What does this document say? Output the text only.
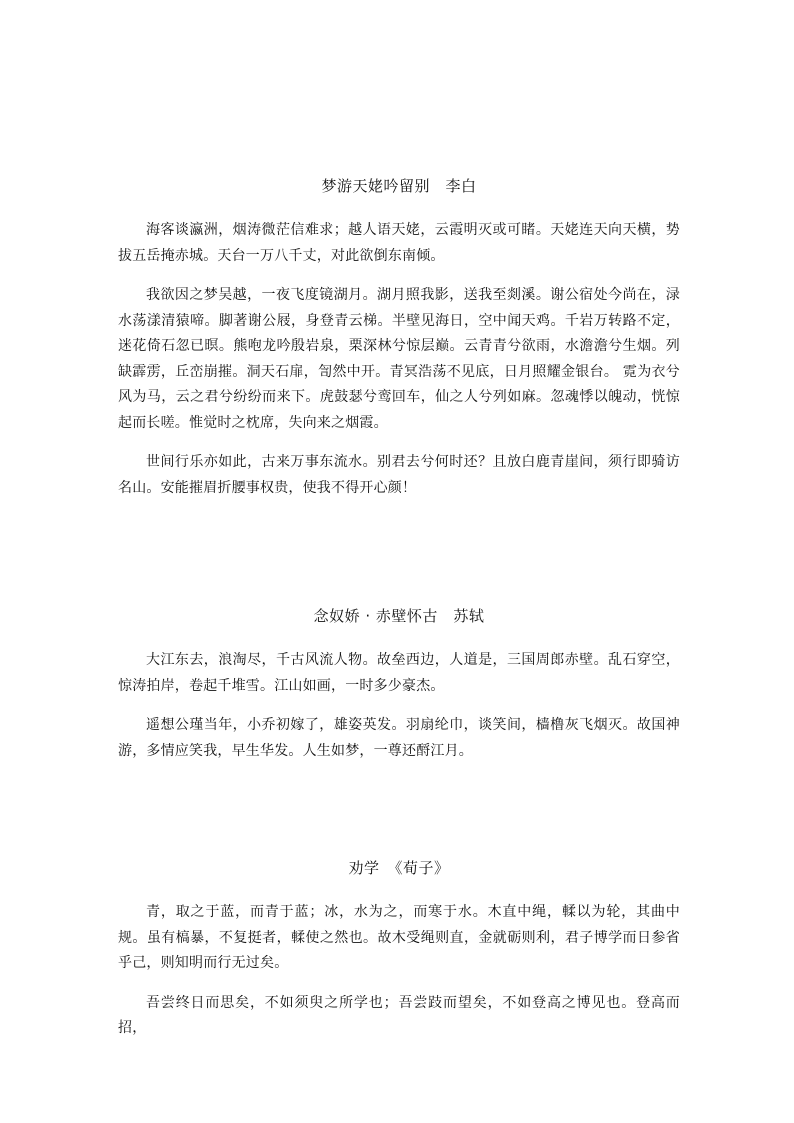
梦游天姥吟留别　李白

海客谈瀛洲，烟涛微茫信难求；越人语天姥，云霞明灭或可睹。天姥连天向天横，势拔五岳掩赤城。天台一万八千丈，对此欲倒东南倾。

我欲因之梦吴越，一夜飞度镜湖月。湖月照我影，送我至剡溪。谢公宿处今尚在，渌水荡漾清猿啼。脚著谢公屐，身登青云梯。半壁见海日，空中闻天鸡。千岩万转路不定，迷花倚石忽已暝。熊咆龙吟殷岩泉，栗深林兮惊层巅。云青青兮欲雨，水澹澹兮生烟。列缺霹雳，丘峦崩摧。洞天石扉，訇然中开。青冥浩荡不见底，日月照耀金银台。 霓为衣兮风为马，云之君兮纷纷而来下。虎鼓瑟兮鸾回车，仙之人兮列如麻。忽魂悸以魄动，恍惊起而长嗟。惟觉时之枕席，失向来之烟霞。

世间行乐亦如此，古来万事东流水。别君去兮何时还？且放白鹿青崖间，须行即骑访名山。安能摧眉折腰事权贵，使我不得开心颜！

念奴娇 · 赤壁怀古　苏轼

大江东去，浪淘尽，千古风流人物。故垒西边，人道是，三国周郎赤壁。乱石穿空，惊涛拍岸，卷起千堆雪。江山如画，一时多少豪杰。

遥想公瑾当年，小乔初嫁了，雄姿英发。羽扇纶巾，谈笑间，樯橹灰飞烟灭。故国神游，多情应笑我，早生华发。人生如梦，一尊还酹江月。

劝学　《荀子》

青，取之于蓝，而青于蓝；冰，水为之，而寒于水。木直中绳，輮以为轮，其曲中规。虽有槁暴，不复挺者，輮使之然也。故木受绳则直，金就砺则利，君子博学而日参省乎己，则知明而行无过矣。

吾尝终日而思矣，不如须臾之所学也；吾尝跂而望矣，不如登高之博见也。登高而招，
